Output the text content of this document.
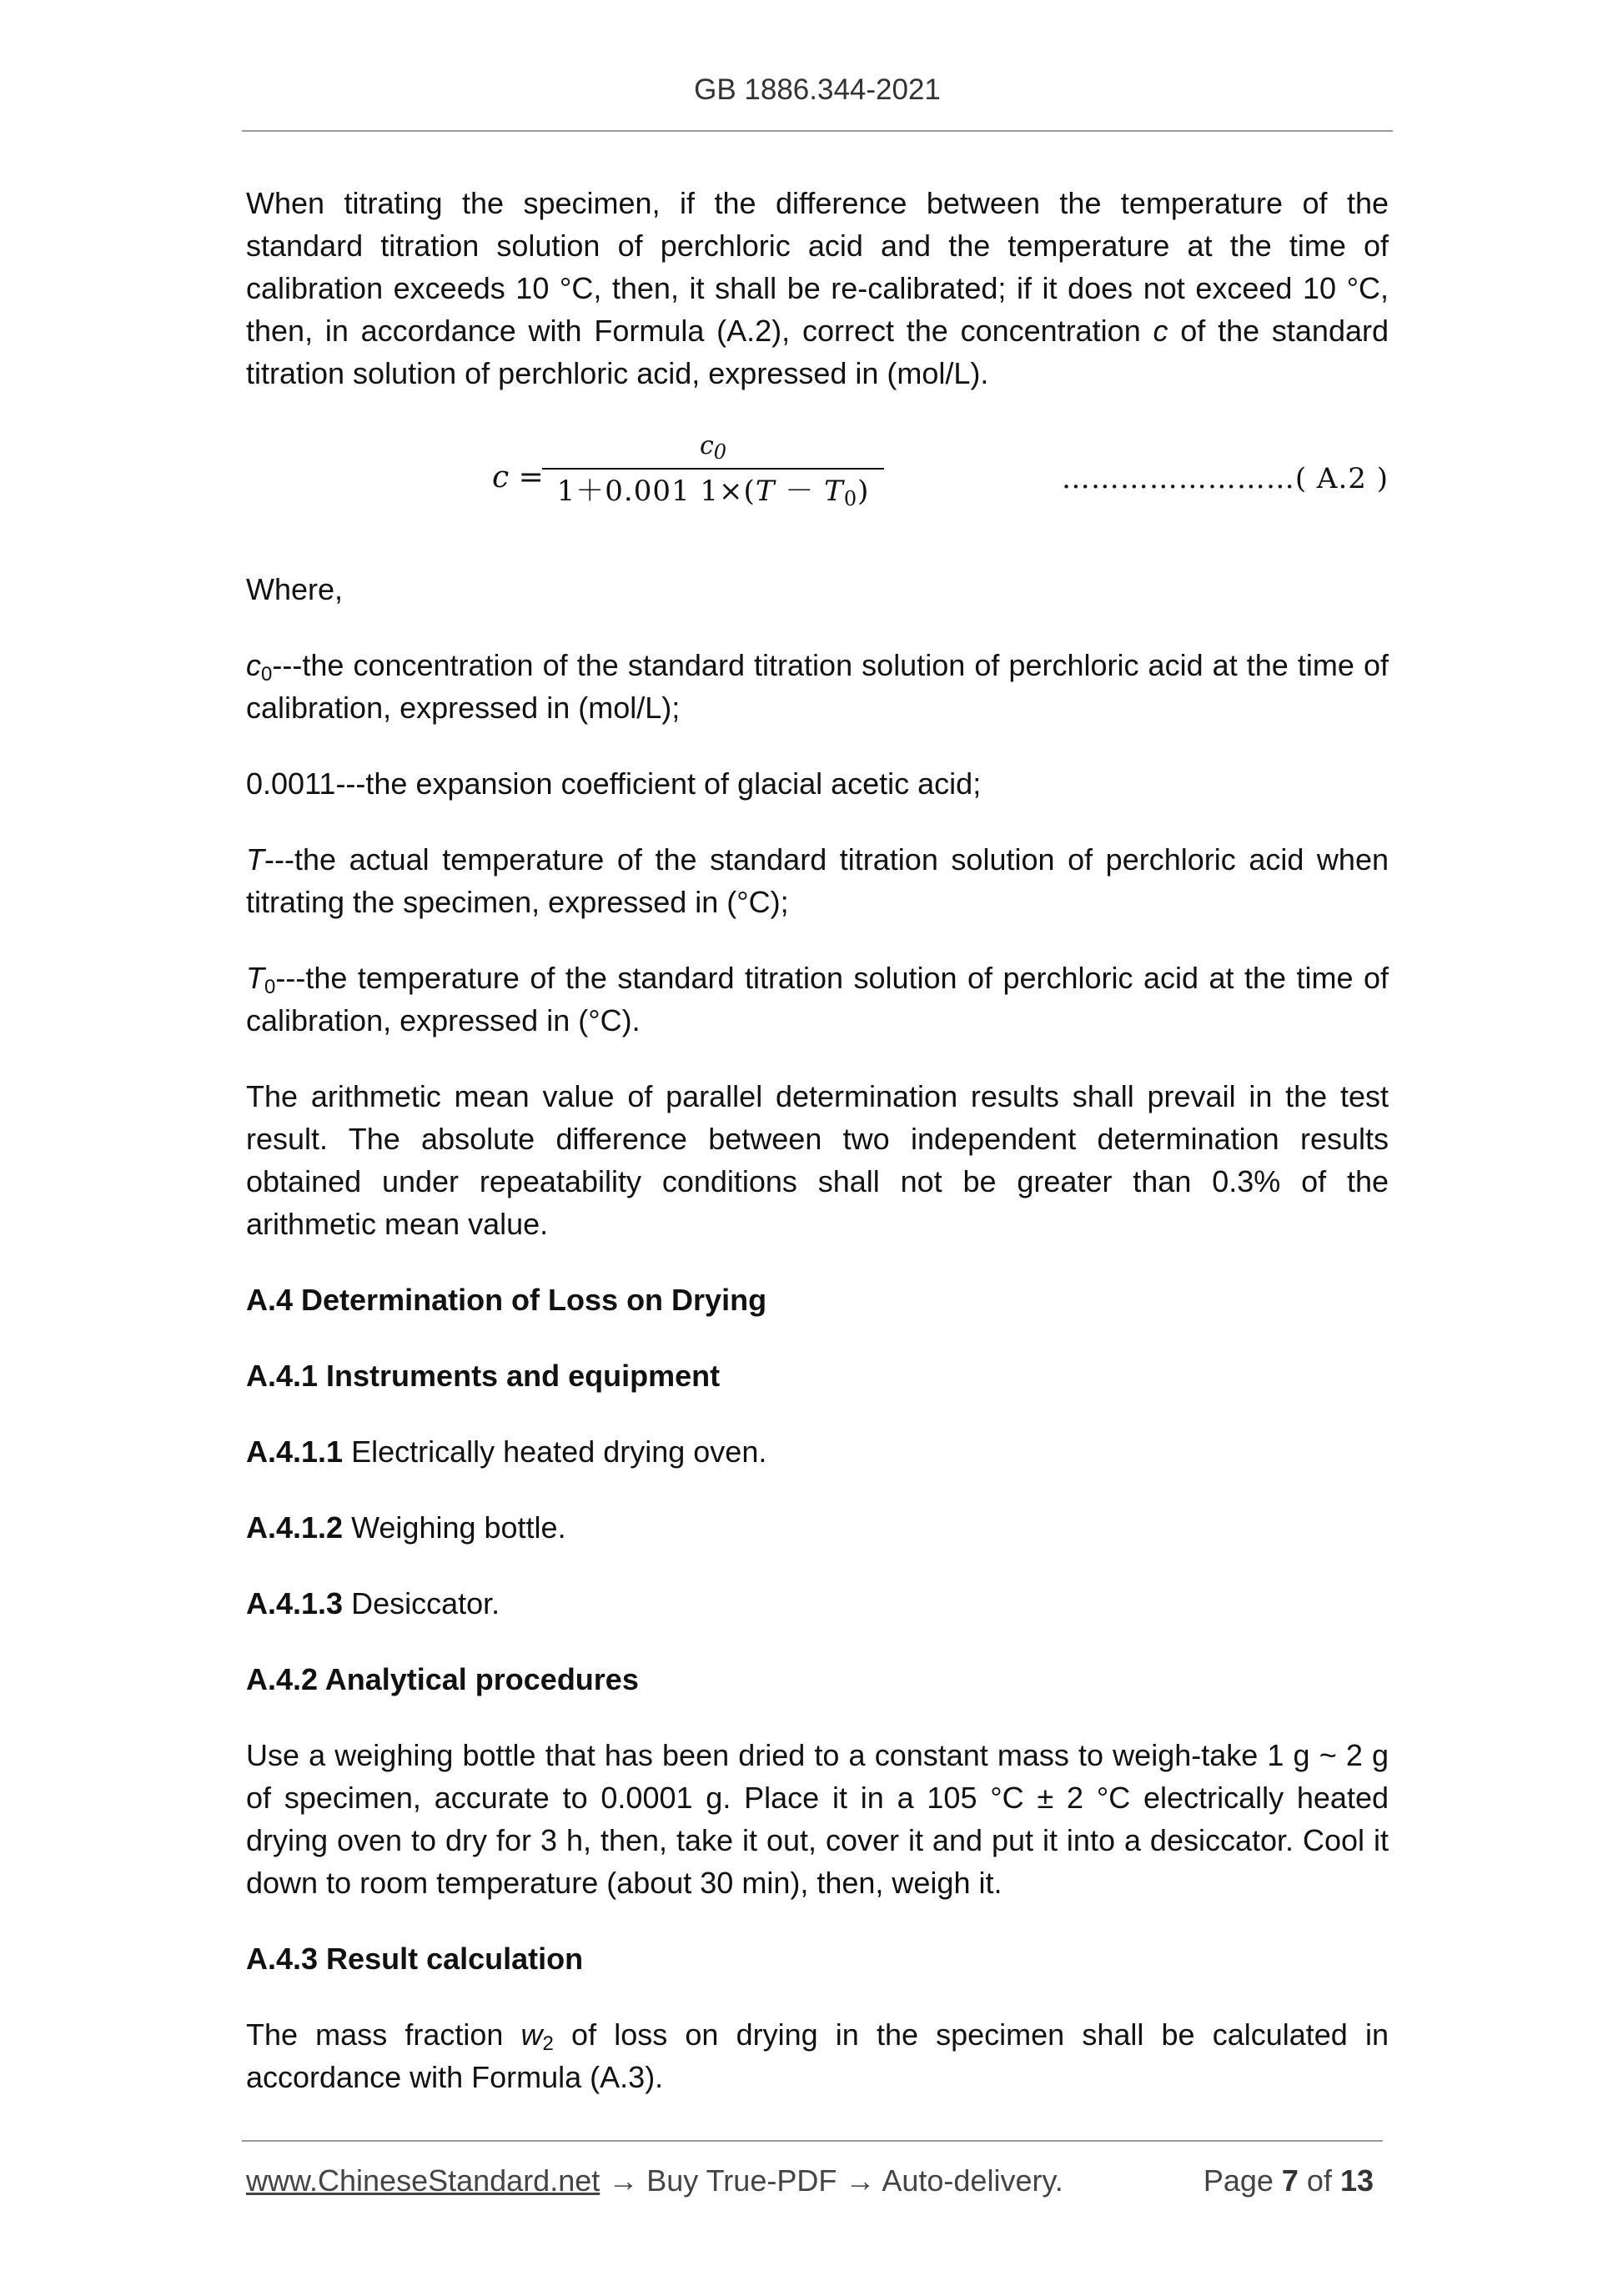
GB 1886.344-2021

When titrating the specimen, if the difference between the temperature of the standard titration solution of perchloric acid and the temperature at the time of calibration exceeds 10 °C, then, it shall be re-calibrated; if it does not exceed 10 °C, then, in accordance with Formula (A.2), correct the concentration c of the standard titration solution of perchloric acid, expressed in (mol/L).

c =
$c_0$
1＋0.001 $1\times(T - T_0)$	……………………( A.2 )

Where,

$c_0--$-the concentration of the standard titration solution of perchloric acid at the time of calibration, expressed in (mol/L);

0.0011---the expansion coefficient of glacial acetic acid;

T---the actual temperature of the standard titration solution of perchloric acid when titrating the specimen, expressed in (°C);

$T_0--$-the temperature of the standard titration solution of perchloric acid at the time of calibration, expressed in (°C).

The arithmetic mean value of parallel determination results shall prevail in the test result. The absolute difference between two independent determination results obtained under repeatability conditions shall not be greater than 0.3% of the arithmetic mean value.

A.4 Determination of Loss on Drying

A.4.1 Instruments and equipment

A.4.1.1 Electrically heated drying oven.

A.4.1.2 Weighing bottle.

A.4.1.3 Desiccator.

A.4.2 Analytical procedures

Use a weighing bottle that has been dried to a constant mass to weigh-take 1 g ~ 2 g of specimen, accurate to 0.0001 g. Place it in a 105 °C ± 2 °C electrically heated drying oven to dry for 3 h, then, take it out, cover it and put it into a desiccator. Cool it down to room temperature (about 30 min), then, weigh it.

A.4.3 Result calculation

The mass fraction $w_2$ of loss on drying in the specimen shall be calculated in accordance with Formula (A.3).

www.ChineseStandard.net → Buy True-PDF → Auto-delivery.	Page 7 of 13
